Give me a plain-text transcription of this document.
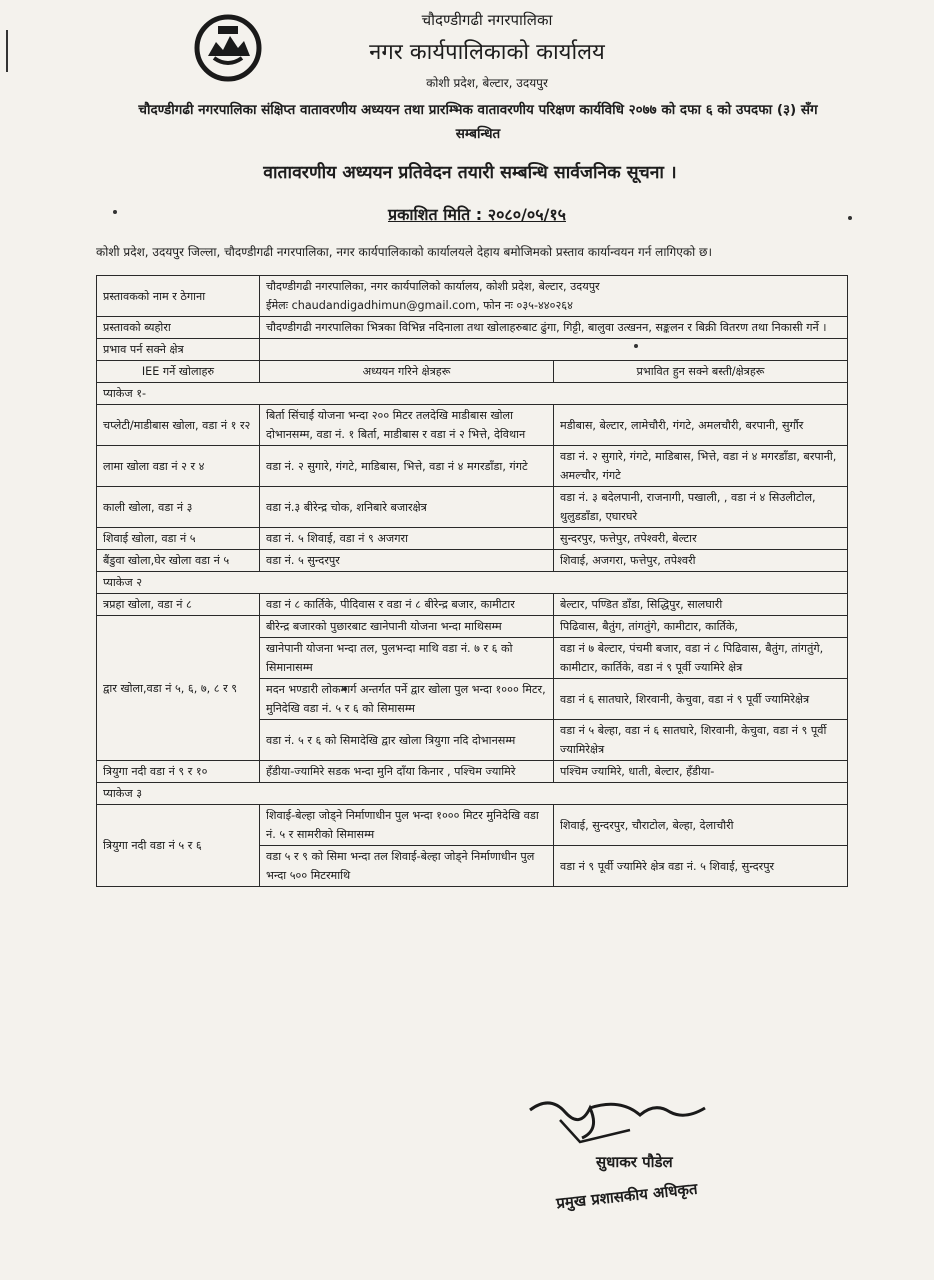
चौदण्डीगढी नगरपालिका
नगर कार्यपालिकाको कार्यालय
कोशी प्रदेश, बेल्टार, उदयपुर
चौदण्डीगढी नगरपालिका संक्षिप्त वातावरणीय अध्ययन तथा प्रारम्भिक वातावरणीय परिक्षण कार्यविधि २०७७ को दफा ६ को उपदफा (३) सँग सम्बन्धित
वातावरणीय अध्ययन प्रतिवेदन तयारी सम्बन्धि सार्वजनिक सूचना ।
प्रकाशित मिति : २०८०/०५/१५
कोशी प्रदेश, उदयपुर जिल्ला, चौदण्डीगढी नगरपालिका, नगर कार्यपालिकाको कार्यालयले देहाय बमोजिमको प्रस्ताव कार्यान्वयन गर्न लागिएको छ।
प्रस्तावकको नाम र ठेगाना	चौदण्डीगढी नगरपालिका, नगर कार्यपालिको कार्यालय, कोशी प्रदेश, बेल्टार, उदयपुर
ईमेलः chaudandigadhimun@gmail.com, फोन नः ०३५-४४०२६४	

प्रस्तावको ब्यहोरा	चौदण्डीगढी नगरपालिका भित्रका विभिन्न नदिनाला तथा खोलाहरुबाट ढुंगा, गिट्टी, बालुवा उत्खनन, सङ्कलन र बिक्री वितरण तथा निकासी गर्ने ।	
प्रभाव पर्न सक्ने क्षेत्र		
IEE गर्ने खोलाहरु	अध्ययन गरिने क्षेत्रहरू	प्रभावित हुन सक्ने बस्ती/क्षेत्रहरू
प्याकेज १-		
चप्लेटी/माडीबास खोला, वडा नं १ र२	बिर्ता सिंचाई योजना भन्दा २०० मिटर तलदेखि माडीबास खोला दोभानसम्म, वडा नं. १ बिर्ता, माडीबास र वडा नं २ भित्ते, देविथान	मडीबास, बेल्टार, लामेचौरी, गंगटे, अमलचौरी, बरपानी, सुर्गौर
लामा खोला वडा नं २ र ४	वडा नं. २ सुगारे, गंगटे, माडिबास, भित्ते, वडा नं ४ मगरडाँडा, गंगटे	वडा नं. २ सुगारे, गंगटे, माडिबास, भित्ते, वडा नं ४ मगरडाँडा, बरपानी, अमल्चौर, गंगटे
काली खोला, वडा नं ३	वडा नं.३ बीरेन्द्र चोक, शनिबारे बजारक्षेत्र	वडा नं. ३ बदेलपानी, राजनागी, पखाली, , वडा नं ४ सिउलीटोल, थुलुडडाँडा, एघारघरे
शिवाई खोला, वडा नं ५	वडा नं. ५ शिवाई, वडा नं ९ अजगरा	सुन्दरपुर, फत्तेपुर, तपेश्वरी, बेल्टार
बैंडुवा खोला,घेर खोला वडा नं ५	वडा नं. ५ सुन्दरपुर	शिवाई, अजगरा, फत्तेपुर, तपेश्वरी
प्याकेज २		
त्रप्रहा खोला, वडा नं ८	वडा नं ८ कार्तिके, पीदिवास र वडा नं ८ बीरेन्द्र बजार, कामीटार	बेल्टार, पण्डित डाँडा, सिद्धिपुर, सालघारी
द्वार खोला,वडा नं ५, ६, ७, ८ र ९	बीरेन्द्र बजारको पुछारबाट खानेपानी योजना भन्दा माथिसम्म	पिढिवास, बैतुंग, तांगतुंगे, कामीटार, कार्तिके,
	खानेपानी योजना भन्दा तल, पुलभन्दा माथि वडा नं. ७ र ६ को सिमानासम्म	वडा नं ७ बेल्टार, पंचमी बजार, वडा नं ८ पिढिवास, बैतुंग, तांगतुंगे, कामीटार, कार्तिके, वडा नं ९ पूर्वी ज्यामिरे क्षेत्र
	मदन भण्डारी लोकमार्ग अन्तर्गत पर्ने द्वार खोला पुल भन्दा १००० मिटर, मुनिदेखि वडा नं. ५ र ६ को सिमासम्म	वडा नं ६ सातघारे, शिरवानी, केचुवा, वडा नं ९ पूर्वी ज्यामिरेक्षेत्र
	वडा नं. ५ र ६ को सिमादेखि द्वार खोला त्रियुगा नदि दोभानसम्म	वडा नं ५ बेल्हा, वडा नं ६ सातघारे, शिरवानी, केचुवा, वडा नं ९ पूर्वी ज्यामिरेक्षेत्र
त्रियुगा नदी वडा नं ९ र १०	हँडीया-ज्यामिरे सडक भन्दा मुनि दाँया किनार , पश्चिम ज्यामिरे	पश्चिम ज्यामिरे, धाती, बेल्टार, हँडीया-
प्याकेज ३		
त्रियुगा नदी वडा नं ५ र ६	शिवाई-बेल्हा जोड्ने निर्माणाधीन पुल भन्दा १००० मिटर मुनिदेखि वडा नं. ५ र सामरीको सिमासम्म	शिवाई, सुन्दरपुर, चौराटोल, बेल्हा, देलाचौरी
	वडा ५ र ९ को सिमा भन्दा तल शिवाई-बेल्हा जोड्ने निर्माणाधीन पुल भन्दा ५०० मिटरमाथि	वडा नं ९ पूर्वी ज्यामिरे क्षेत्र वडा नं. ५ शिवाई, सुन्दरपुर
सुधाकर पौडेल
प्रमुख प्रशासकीय अधिकृत
